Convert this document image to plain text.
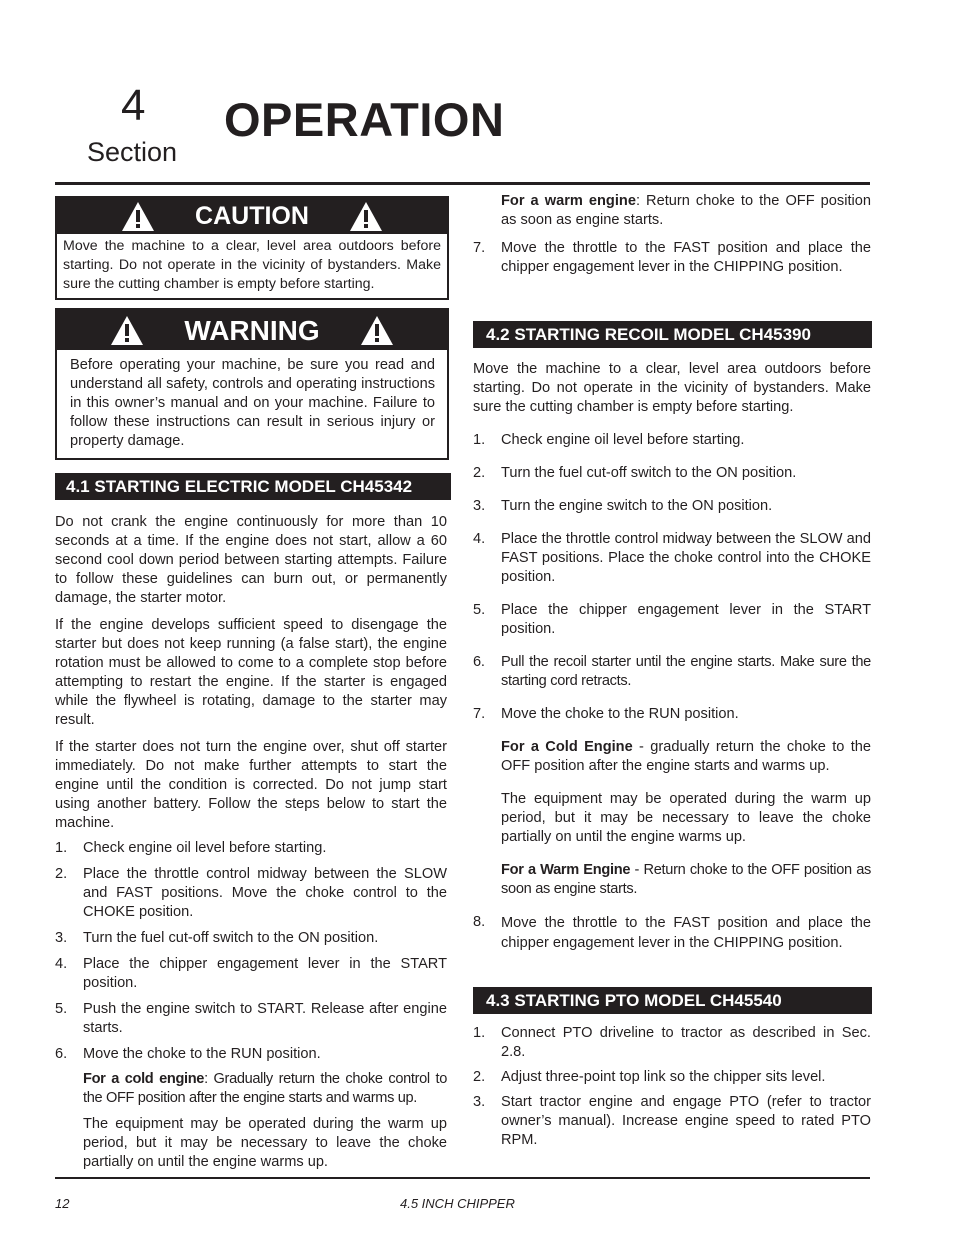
4
Section
OPERATION
CAUTION
Move the machine to a clear, level area outdoors before starting. Do not operate in the vicinity of bystanders. Make sure the cutting chamber is empty before starting.
WARNING
Before operating your machine, be sure you read and understand all safety, controls and operating instructions in this owner’s manual and on your machine. Failure to follow these instructions can result in serious injury or property damage.
4.1 STARTING ELECTRIC MODEL CH45342

Do not crank the engine continuously for more than 10 seconds at a time. If the engine does not start, allow a 60 second cool down period between starting attempts. Failure to follow these guidelines can burn out, or permanently damage, the starter motor.

If the engine develops sufficient speed to disengage the starter but does not keep running (a false start), the engine rotation must be allowed to come to a complete stop before attempting to restart the engine. If the starter is engaged while the flywheel is rotating, damage to the starter may result.

If the starter does not turn the engine over, shut off starter immediately. Do not make further attempts to start the engine until the condition is corrected. Do not jump start using another battery. Follow the steps below to start the machine.

1.	Check engine oil level before starting.
2.	Place the throttle control midway between the SLOW and FAST positions. Move the choke control to the CHOKE position.
3.	Turn the fuel cut-off switch to the ON position.
4.	Place the chipper engagement lever in the START position.
5.	Push the engine switch to START. Release after engine starts.
6.	Move the choke to the RUN position.

For a cold engine: Gradually return the choke control to the OFF position after the engine starts and warms up.

The equipment may be operated during the warm up period, but it may be necessary to leave the choke partially on until the engine warms up.

For a warm engine: Return choke to the OFF position as soon as engine starts.

7.	Move the throttle to the FAST position and place the chipper engagement lever in the CHIPPING position.
4.2 STARTING RECOIL MODEL CH45390

Move the machine to a clear, level area outdoors before starting. Do not operate in the vicinity of bystanders. Make sure the cutting chamber is empty before starting.

1.	Check engine oil level before starting.
2.	Turn the fuel cut-off switch to the ON position.
3.	Turn the engine switch to the ON position.
4.	Place the throttle control midway between the SLOW and FAST positions. Place the choke control into the CHOKE position.
5.	Place the chipper engagement lever in the START position.
6.	Pull the recoil starter until the engine starts. Make sure the starting cord retracts.
7.	Move the choke to the RUN position.

For a Cold Engine - gradually return the choke to the OFF position after the engine starts and warms up.

The equipment may be operated during the warm up period, but it may be necessary to leave the choke partially on until the engine warms up.

For a Warm Engine - Return choke to the OFF position as soon as engine starts.

8.	Move the throttle to the FAST position and place the chipper engagement lever in the CHIPPING position.
4.3 STARTING PTO MODEL CH45540
1.	Connect PTO driveline to tractor as described in Sec. 2.8.
2.	Adjust three-point top link so the chipper sits level.
3.	Start tractor engine and engage PTO (refer to tractor owner’s manual). Increase engine speed to rated PTO RPM.
12	4.5 INCH CHIPPER
